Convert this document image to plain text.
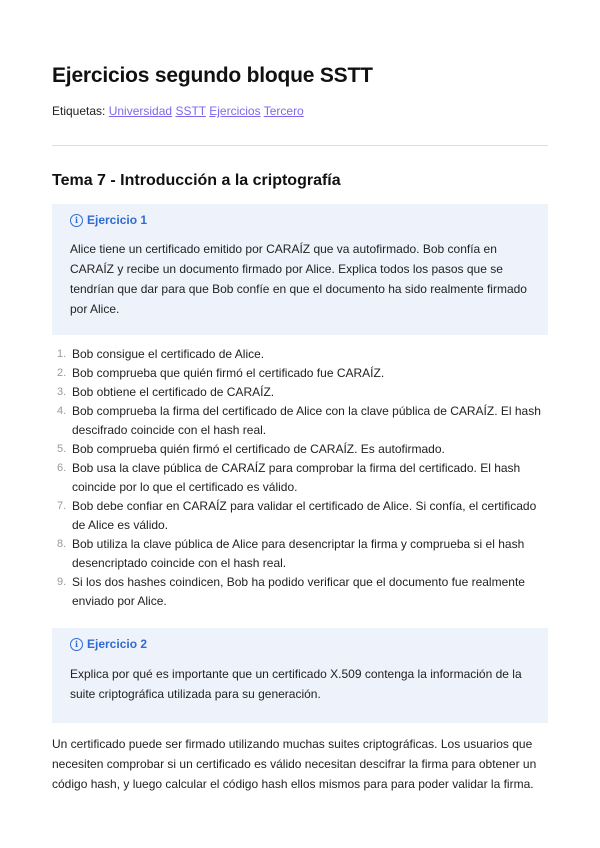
Ejercicios segundo bloque SSTT
Etiquetas: Universidad SSTT Ejercicios Tercero
Tema 7 - Introducción a la criptografía
i Ejercicio 1
Alice tiene un certificado emitido por CARAÍZ que va autofirmado. Bob confía en CARAÍZ y recibe un documento firmado por Alice. Explica todos los pasos que se tendrían que dar para que Bob confíe en que el documento ha sido realmente firmado por Alice.
1. Bob consigue el certificado de Alice.
2. Bob comprueba que quién firmó el certificado fue CARAÍZ.
3. Bob obtiene el certificado de CARAÍZ.
4. Bob comprueba la firma del certificado de Alice con la clave pública de CARAÍZ. El hash descifrado coincide con el hash real.
5. Bob comprueba quién firmó el certificado de CARAÍZ. Es autofirmado.
6. Bob usa la clave pública de CARAÍZ para comprobar la firma del certificado. El hash coincide por lo que el certificado es válido.
7. Bob debe confiar en CARAÍZ para validar el certificado de Alice. Si confía, el certificado de Alice es válido.
8. Bob utiliza la clave pública de Alice para desencriptar la firma y comprueba si el hash desencriptado coincide con el hash real.
9. Si los dos hashes coindicen, Bob ha podido verificar que el documento fue realmente enviado por Alice.
i Ejercicio 2
Explica por qué es importante que un certificado X.509 contenga la información de la suite criptográfica utilizada para su generación.
Un certificado puede ser firmado utilizando muchas suites criptográficas. Los usuarios que necesiten comprobar si un certificado es válido necesitan descifrar la firma para obtener un código hash, y luego calcular el código hash ellos mismos para para poder validar la firma.
